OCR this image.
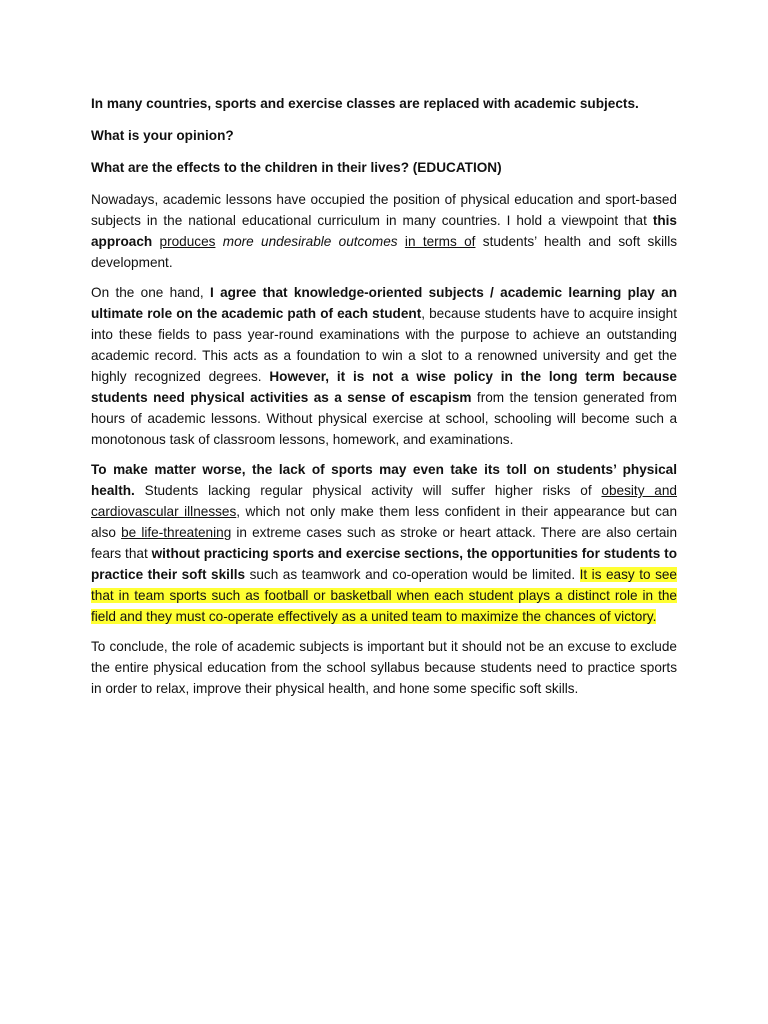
In many countries, sports and exercise classes are replaced with academic subjects.

What is your opinion?

What are the effects to the children in their lives? (EDUCATION)

Nowadays, academic lessons have occupied the position of physical education and sport-based subjects in the national educational curriculum in many countries. I hold a viewpoint that this approach produces more undesirable outcomes in terms of students’ health and soft skills development.

On the one hand, I agree that knowledge-oriented subjects / academic learning play an ultimate role on the academic path of each student, because students have to acquire insight into these fields to pass year-round examinations with the purpose to achieve an outstanding academic record. This acts as a foundation to win a slot to a renowned university and get the highly recognized degrees. However, it is not a wise policy in the long term because students need physical activities as a sense of escapism from the tension generated from hours of academic lessons. Without physical exercise at school, schooling will become such a monotonous task of classroom lessons, homework, and examinations.

To make matter worse, the lack of sports may even take its toll on students’ physical health. Students lacking regular physical activity will suffer higher risks of obesity and cardiovascular illnesses, which not only make them less confident in their appearance but can also be life-threatening in extreme cases such as stroke or heart attack. There are also certain fears that without practicing sports and exercise sections, the opportunities for students to practice their soft skills such as teamwork and co-operation would be limited. It is easy to see that in team sports such as football or basketball when each student plays a distinct role in the field and they must co-operate effectively as a united team to maximize the chances of victory.

To conclude, the role of academic subjects is important but it should not be an excuse to exclude the entire physical education from the school syllabus because students need to practice sports in order to relax, improve their physical health, and hone some specific soft skills.
